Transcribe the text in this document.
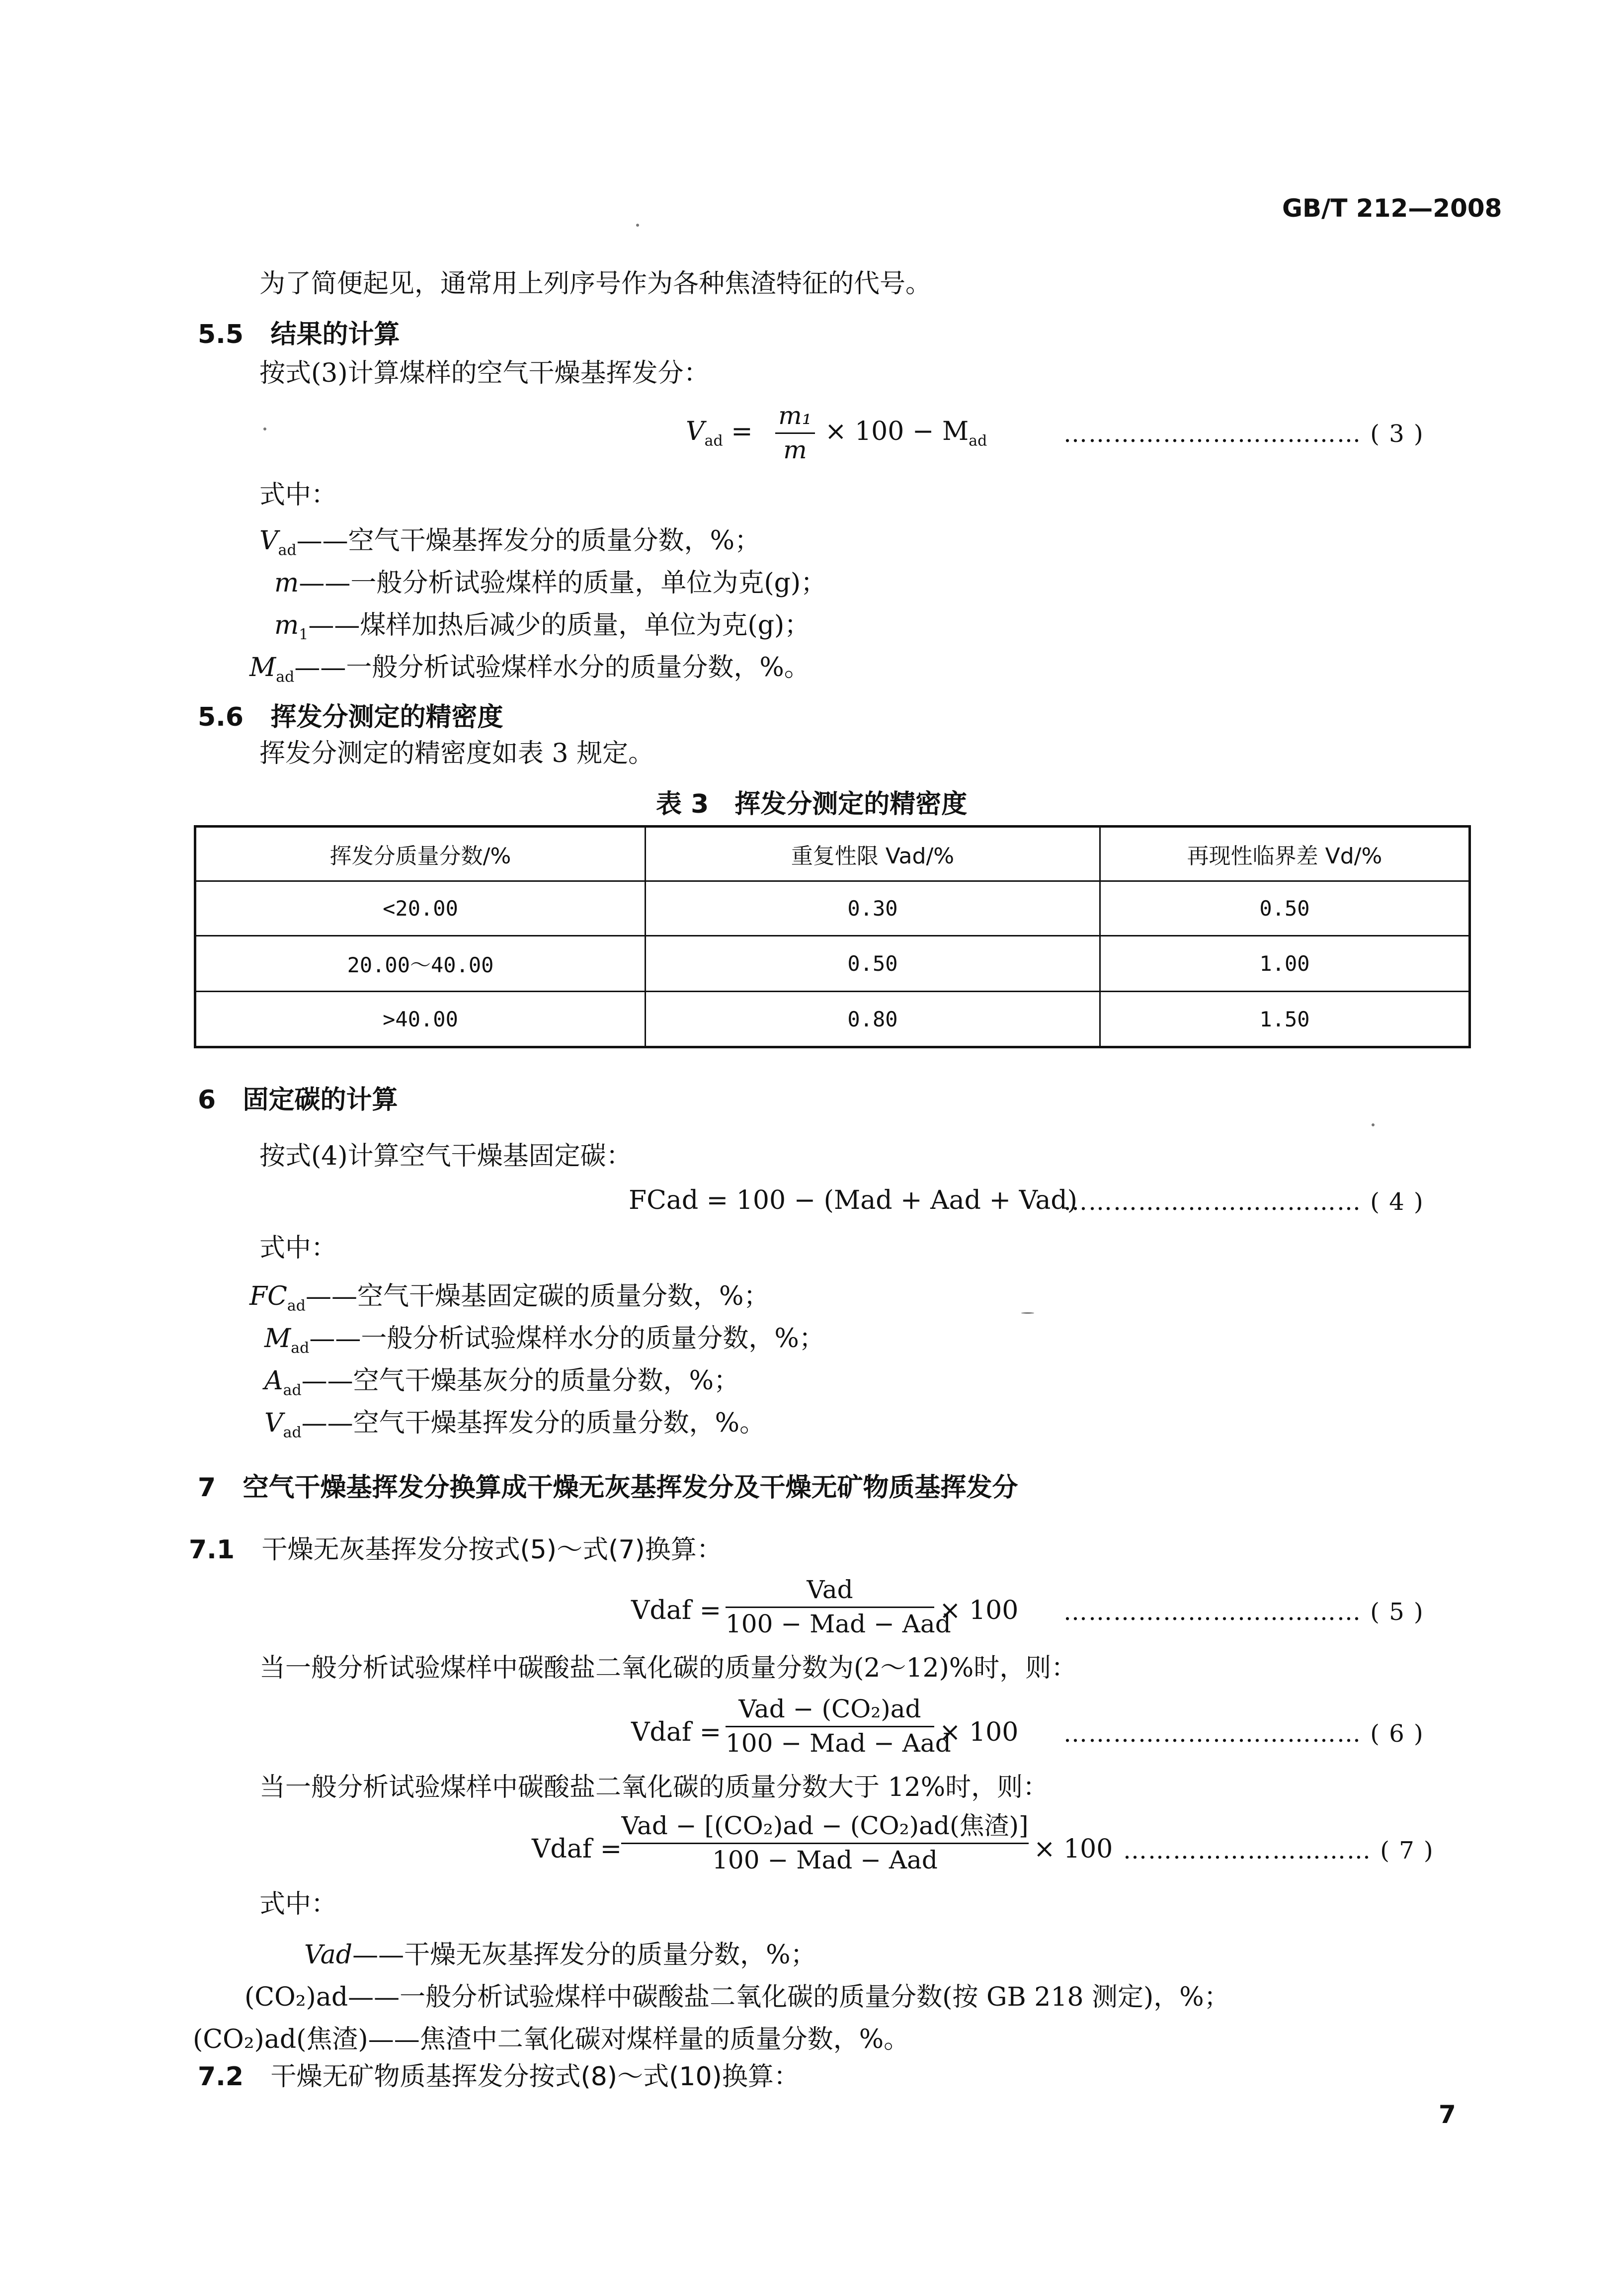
GB/T 212—2008
为了简便起见，通常用上列序号作为各种焦渣特征的代号。
5.5 结果的计算
按式(3)计算煤样的空气干燥基挥发分：
$V_{ad}$ =
m₁
m
× $100 - M_{ad}$	……………………………… ( 3 )
式中：
$V_{ad}——$空气干燥基挥发分的质量分数，%；
m——一般分析试验煤样的质量，单位为克(g)；
$m_1——$煤样加热后减少的质量，单位为克(g)；
$M_{ad}——$一般分析试验煤样水分的质量分数，%。
5.6 挥发分测定的精密度
挥发分测定的精密度如表 3 规定。
表 3　挥发分测定的精密度
挥发分质量分数/%	重复性限 Vad/%	再现性临界差 Vd/%
<20.00	0.30	0.50
20.00～40.00	0.50	1.00
>40.00	0.80	1.50
6 固定碳的计算
按式(4)计算空气干燥基固定碳：
FCad = 100 − (Mad + Aad + Vad)
……………………………… ( 4 )
式中：
$FC_{ad}——$空气干燥基固定碳的质量分数，%；
$M_{ad}——$一般分析试验煤样水分的质量分数，%；
$A_{ad}——$空气干燥基灰分的质量分数，%；
$V_{ad}——$空气干燥基挥发分的质量分数，%。
7 空气干燥基挥发分换算成干燥无灰基挥发分及干燥无矿物质基挥发分
7.1 干燥无灰基挥发分按式(5)～式(7)换算：
Vdaf =
Vad
100 − Mad − Aad
× 100 ……………………………… ( 5 )
当一般分析试验煤样中碳酸盐二氧化碳的质量分数为(2～12)%时，则：
Vdaf =
Vad − (CO₂)ad
100 − Mad − Aad
× 100 ……………………………… ( 6 )
当一般分析试验煤样中碳酸盐二氧化碳的质量分数大于 12%时，则：
Vdaf =
Vad − [(CO₂)ad − (CO₂)ad(焦渣)]
100 − Mad − Aad	× 100 ………………………… ( 7 )
式中：
Vad——干燥无灰基挥发分的质量分数，%；
(CO₂)ad——一般分析试验煤样中碳酸盐二氧化碳的质量分数(按 GB 218 测定)，%；
(CO₂)ad(焦渣)——焦渣中二氧化碳对煤样量的质量分数，%。
7.2 干燥无矿物质基挥发分按式(8)～式(10)换算：
7
